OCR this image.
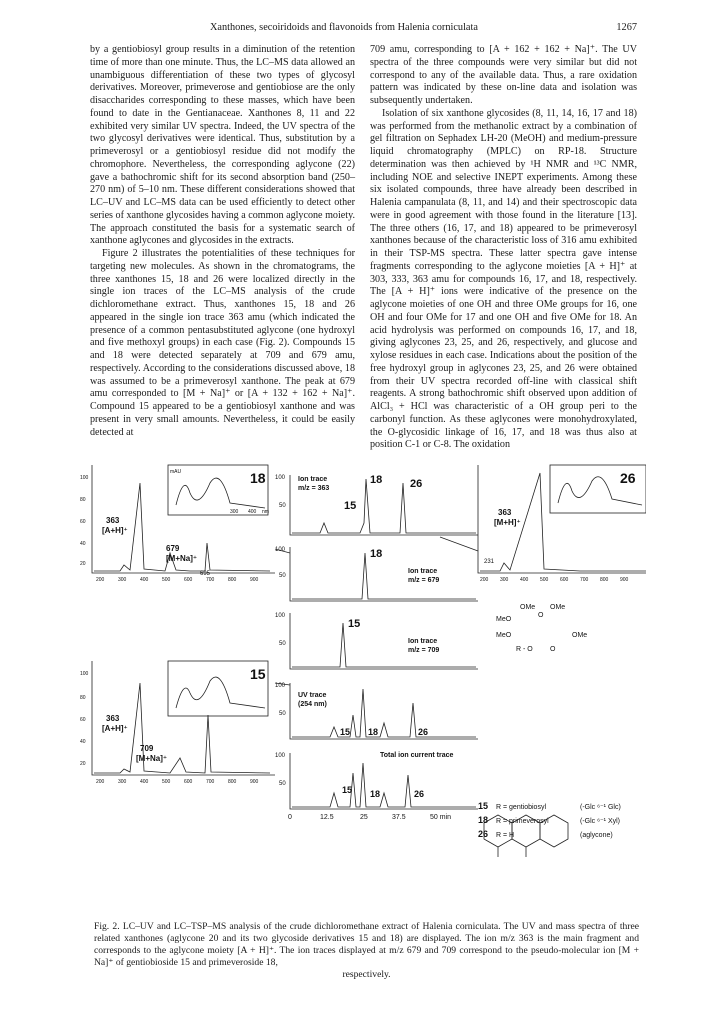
Xanthones, secoiridoids and flavonoids from Halenia corniculata	1267

by a gentiobiosyl group results in a diminution of the retention time of more than one minute. Thus, the LC–MS data allowed an unambiguous differentiation of these two types of glycosyl derivatives. Moreover, primeverose and gentiobiose are the only disaccharides corresponding to these masses, which have been found to date in the Gentianaceae. Xanthones 8, 11 and 22 exhibited very similar UV spectra. Indeed, the UV spectra of the two glycosyl derivatives were identical. Thus, substitution by a primeverosyl or a gentiobiosyl residue did not modify the chromophore. Nevertheless, the corresponding aglycone (22) gave a bathochromic shift for its second absorption band (250–270 nm) of 5–10 nm. These different considerations showed that LC–UV and LC–MS data can be used efficiently to detect other series of xanthone glycosides having a common aglycone moiety. The approach constituted the basis for a systematic search of xanthone aglycones and glycosides in the extracts.

Figure 2 illustrates the potentialities of these techniques for targeting new molecules. As shown in the chromatograms, the three xanthones 15, 18 and 26 were localized directly in the single ion traces of the LC–MS analysis of the crude dichloromethane extract. Thus, xanthones 15, 18 and 26 appeared in the single ion trace 363 amu (which indicated the presence of a common pentasubstituted aglycone (one hydroxyl and five methoxyl groups) in each case (Fig. 2). Compounds 15 and 18 were detected separately at 709 and 679 amu, respectively. According to the considerations discussed above, 18 was assumed to be a primeverosyl xanthone. The peak at 679 amu corresponded to [M + Na]⁺ or [A + 132 + 162 + Na]⁺. Compound 15 appeared to be a gentiobiosyl xanthone and was present in very small amounts. Nevertheless, it could be easily detected at

709 amu, corresponding to [A + 162 + 162 + Na]⁺. The UV spectra of the three compounds were very similar but did not correspond to any of the available data. Thus, a rare oxidation pattern was indicated by these on-line data and isolation was subsequently undertaken.

Isolation of six xanthone glycosides (8, 11, 14, 16, 17 and 18) was performed from the methanolic extract by a combination of gel filtration on Sephadex LH-20 (MeOH) and medium-pressure liquid chromatography (MPLC) on RP-18. Structure determination was then achieved by ¹H NMR and ¹³C NMR, including NOE and selective INEPT experiments. Among these six isolated compounds, three have already been described in Halenia campanulata (8, 11, and 14) and their spectroscopic data were in good agreement with those found in the literature [13]. The three others (16, 17, and 18) appeared to be primeverosyl xanthones because of the characteristic loss of 316 amu exhibited in their TSP-MS spectra. These latter spectra gave intense fragments corresponding to the aglycone moieties [A + H]⁺ at 303, 333, 363 amu for compounds 16, 17, and 18, respectively. The [A + H]⁺ ions were indicative of the presence on the aglycone moieties of one OH and three OMe groups for 16, one OH and four OMe for 17 and one OH and five OMe for 18. An acid hydrolysis was performed on compounds 16, 17, and 18, giving aglycones 23, 25, and 26, respectively, and glucose and xylose residues in each case. Indications about the position of the free hydroxyl group in aglycones 23, 25, and 26 were obtained from their UV spectra recorded off-line with classical shift reagents. A strong bathochromic shift observed upon addition of AlCl₃ + HCl was characteristic of a OH group peri to the carbonyl function. As these aglycones were monohydroxylated, the O-glycosidic linkage of 16, 17, and 18 was thus also at position C-1 or C-8. The oxidation

18
363
[A+H]⁺
679
[M+Na]⁺
695
100
80
60
40
20
200	300	400	500	600	700	800	900
mAU
300 400 nm
15
363
[A+H]⁺
709
[M+Na]⁺
100
80
60
40
20
200	300	400	500	600	700	800	900
26
363
[M+H]⁺
231
200 300 400 500 600 700 800 900
Ion trace
m/z = 363
100
50
18	26
15
Ion trace
m/z = 679
100
50
18
Ion trace
m/z = 709
100
50
15
UV trace
(254 nm)
100
50
15 18	26
Total ion current trace
100
50
15 18	26
0	12.5	25	37.5	50 min
OMe OMe
MeO
MeO	OMe
O
R - O O
15 R = gentiobiosyl	(-Glc ⁶⁻¹ Glc)
18 R = primeverosyl	(-Glc ⁶⁻¹ Xyl)
26 R = H	(aglycone)
Fig. 2. LC–UV and LC–TSP–MS analysis of the crude dichloromethane extract of Halenia corniculata. The UV and mass spectra of three related xanthones (aglycone 20 and its two glycoside derivatives 15 and 18) are displayed. The ion m/z 363 is the main fragment and corresponds to the aglycone moiety [A + H]⁺. The ion traces displayed at m/z 679 and 709 correspond to the pseudo-molecular ion [M + Na]⁺ of gentiobioside 15 and primeveroside 18,
respectively.
